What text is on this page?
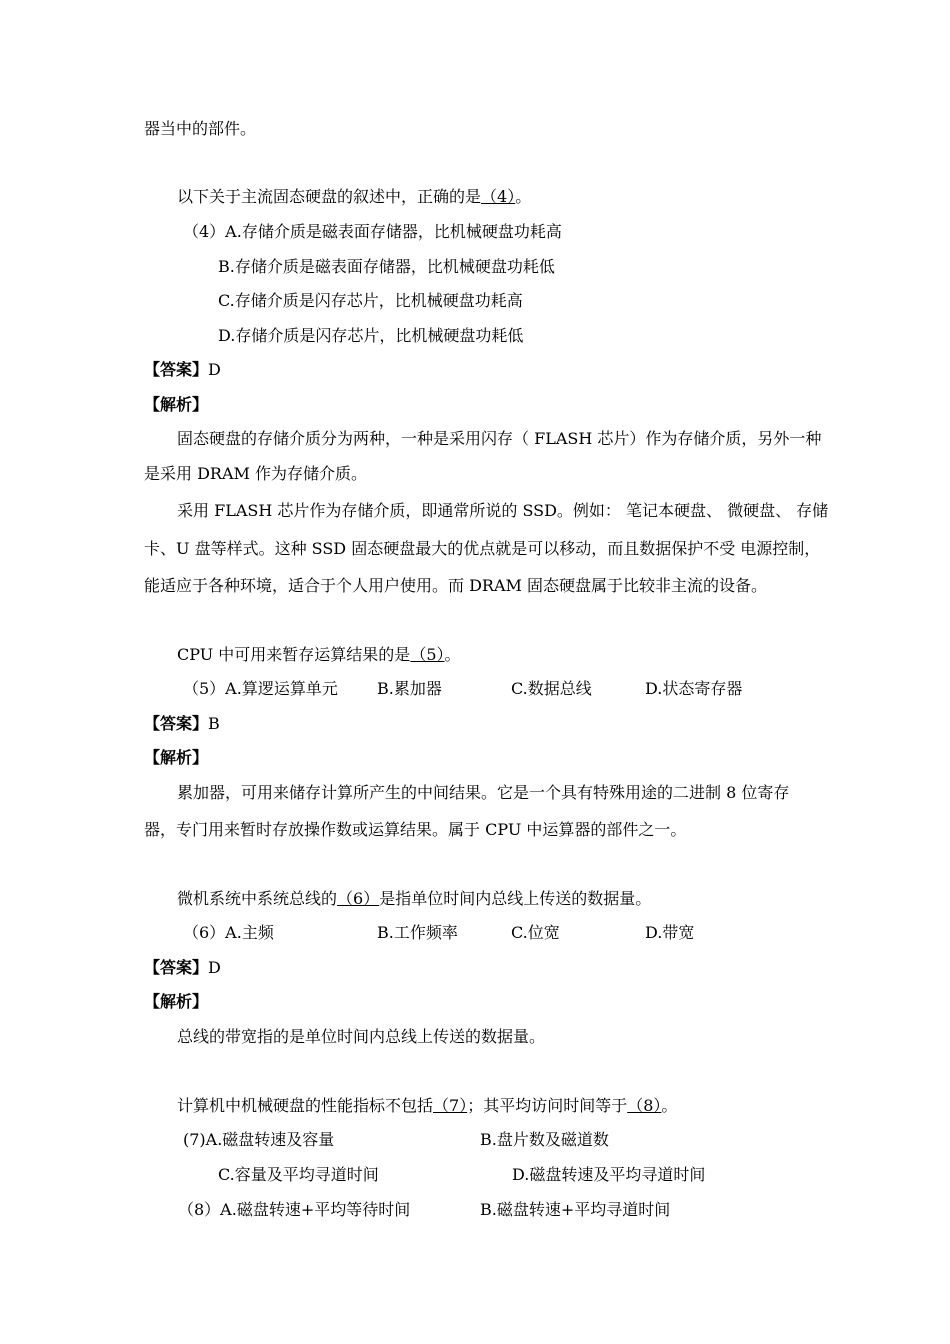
器当中的部件。
以下关于主流固态硬盘的叙述中，正确的是（4）。
（4）A.存储介质是磁表面存储器，比机械硬盘功耗高
B.存储介质是磁表面存储器，比机械硬盘功耗低
C.存储介质是闪存芯片，比机械硬盘功耗高
D.存储介质是闪存芯片，比机械硬盘功耗低
【答案】D
【解析】
固态硬盘的存储介质分为两种，一种是采用闪存（ FLASH 芯片）作为存储介质，另外一种
是采用 DRAM 作为存储介质。
采用 FLASH 芯片作为存储介质，即通常所说的 SSD。例如： 笔记本硬盘、 微硬盘、 存储
卡、U 盘等样式。这种 SSD 固态硬盘最大的优点就是可以移动，而且数据保护不受 电源控制，
能适应于各种环境，适合于个人用户使用。而 DRAM 固态硬盘属于比较非主流的设备。
CPU 中可用来暂存运算结果的是（5）。
（5）A.算逻运算单元 B.累加器	C.数据总线	D.状态寄存器
【答案】B
【解析】
累加器，可用来储存计算所产生的中间结果。它是一个具有特殊用途的二进制 8 位寄存
器，专门用来暂时存放操作数或运算结果。属于 CPU 中运算器的部件之一。
微机系统中系统总线的（6）是指单位时间内总线上传送的数据量。
（6）A.主频	B.工作频率	C.位宽	D.带宽
【答案】D
【解析】
总线的带宽指的是单位时间内总线上传送的数据量。
计算机中机械硬盘的性能指标不包括（7）；其平均访问时间等于（8）。
(7)A.磁盘转速及容量	B.盘片数及磁道数
C.容量及平均寻道时间	D.磁盘转速及平均寻道时间
（8）A.磁盘转速+平均等待时间	B.磁盘转速+平均寻道时间
